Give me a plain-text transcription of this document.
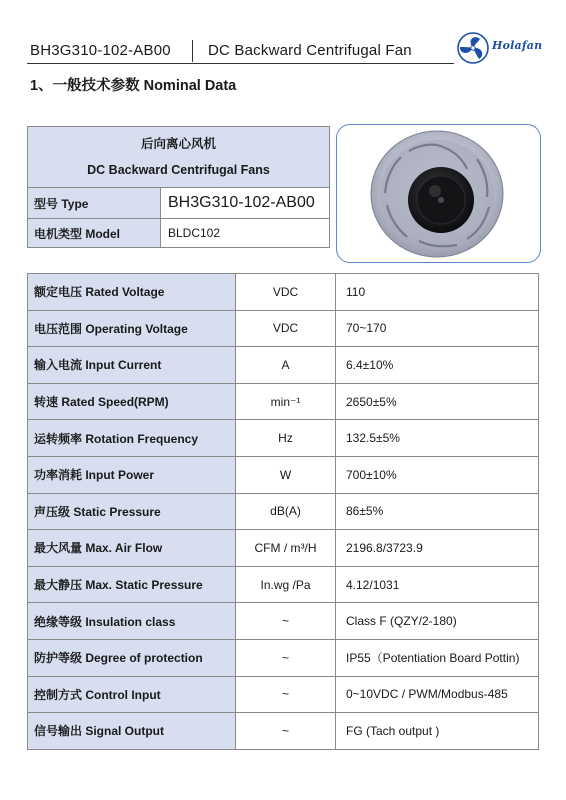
BH3G310-102-AB00 DC Backward Centrifugal Fan	Holafan
1、一般技术参数 Nominal Data
后向离心风机
DC Backward Centrifugal Fans	

型号 Type	BH3G310-102-AB00
电机类型 Model	BLDC102
额定电压 Rated Voltage	VDC	110
电压范围 Operating Voltage	VDC	70~170
输入电流 Input Current	A	6.4±10%
转速 Rated Speed(RPM)	min⁻¹	2650±5%
运转频率 Rotation Frequency	Hz	132.5±5%
功率消耗 Input Power	W	700±10%
声压级 Static Pressure	dB(A)	86±5%
最大风量 Max. Air Flow	CFM / m³/H	2196.8/3723.9
最大静压 Max. Static Pressure	In.wg /Pa	4.12/1031
绝缘等级 Insulation class	~	Class F (QZY/2-180)
防护等级 Degree of protection	~	IP55（Potentiation Board Pottin)
控制方式 Control Input	~	0~10VDC / PWM/Modbus-485
信号输出 Signal Output	~	FG (Tach output )
